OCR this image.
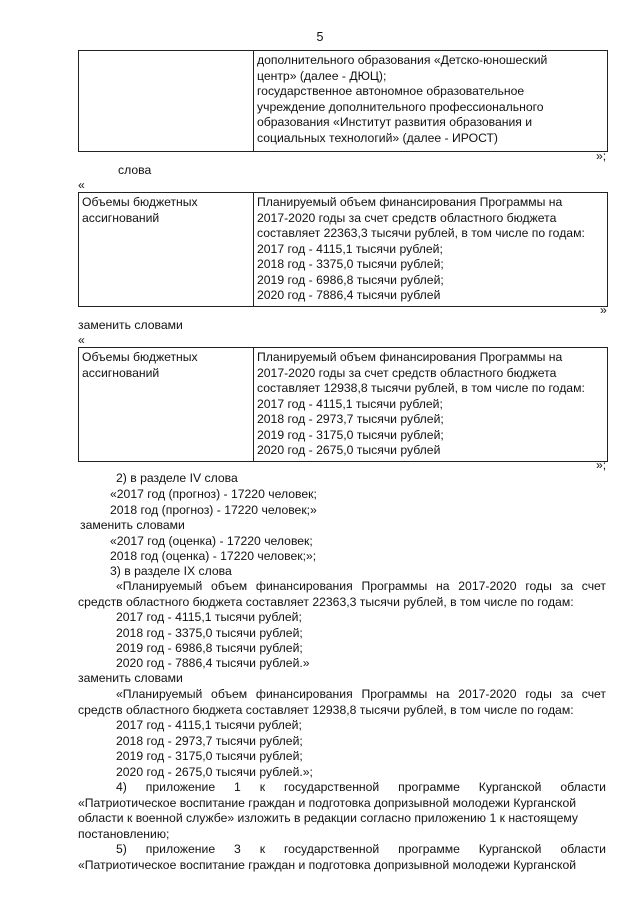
5

дополнительного образования «Детско-юношеский
центр» (далее - ДЮЦ);
государственное автономное образовательное
учреждение дополнительного профессионального
образования «Институт развития образования и
социальных технологий» (далее - ИРОСТ)
»;
слова
«
Объемы бюджетных
ассигнований

Планируемый объем финансирования Программы на
2017-2020 годы за счет средств областного бюджета
составляет 22363,3 тысячи рублей, в том числе по годам:
2017 год - 4115,1 тысячи рублей;
2018 год - 3375,0 тысячи рублей;
2019 год - 6986,8 тысячи рублей;
2020 год - 7886,4 тысячи рублей
»
заменить словами
«
Объемы бюджетных
ассигнований

Планируемый объем финансирования Программы на
2017-2020 годы за счет средств областного бюджета
составляет 12938,8 тысячи рублей, в том числе по годам:
2017 год - 4115,1 тысячи рублей;
2018 год - 2973,7 тысячи рублей;
2019 год - 3175,0 тысячи рублей;
2020 год - 2675,0 тысячи рублей
»;
2) в разделе IV слова
«2017 год (прогноз) - 17220 человек;
2018 год (прогноз) - 17220 человек;»
заменить словами
«2017 год (оценка) - 17220 человек;
2018 год (оценка) - 17220 человек;»;
3) в разделе IX слова
«Планируемый объем финансирования Программы на 2017-2020 годы за счет
средств областного бюджета составляет 22363,3 тысячи рублей, в том числе по годам:
2017 год - 4115,1 тысячи рублей;
2018 год - 3375,0 тысячи рублей;
2019 год - 6986,8 тысячи рублей;
2020 год - 7886,4 тысячи рублей.»
заменить словами
«Планируемый объем финансирования Программы на 2017-2020 годы за счет
средств областного бюджета составляет 12938,8 тысячи рублей, в том числе по годам:
2017 год - 4115,1 тысячи рублей;
2018 год - 2973,7 тысячи рублей;
2019 год - 3175,0 тысячи рублей;
2020 год - 2675,0 тысячи рублей.»;
4) приложение 1 к государственной программе Курганской области
«Патриотическое воспитание граждан и подготовка допризывной молодежи Курганской
области к военной службе» изложить в редакции согласно приложению 1 к настоящему
постановлению;
5) приложение 3 к государственной программе Курганской области
«Патриотическое воспитание граждан и подготовка допризывной молодежи Курганской
